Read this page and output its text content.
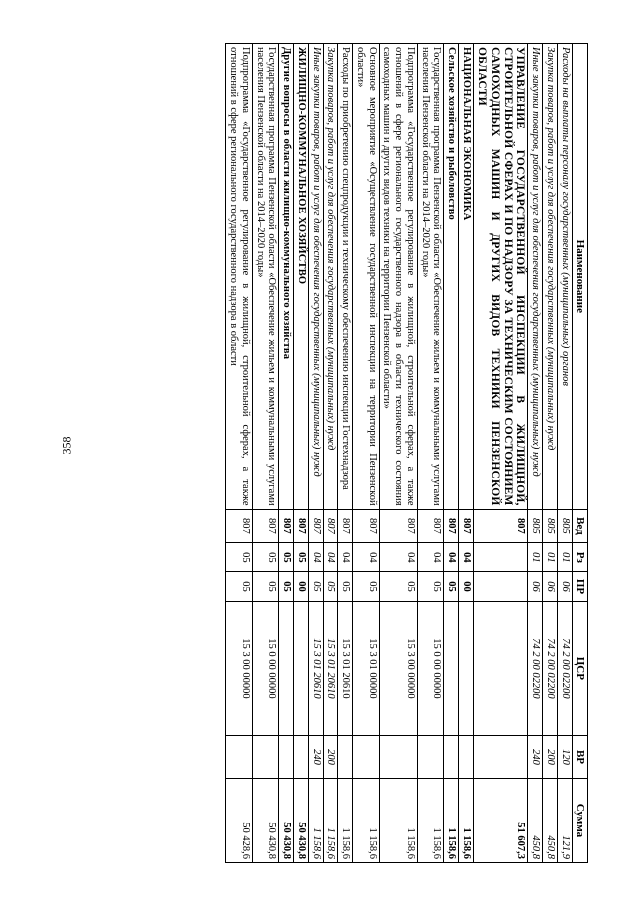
358
Наименование	Вед	Рз	ПР	ЦСР	ВР	Сумма
Расходы на выплаты персоналу государственных (муниципальных) органов	805	01	06	74 2 00 02200	120	121,9
Закупка товаров, работ и услуг для обеспечения государственных (муниципальных) нужд	805	01	06	74 2 00 02200	200	450,8
Иные закупки товаров, работ и услуг для обеспечения государственных (муниципальных) нужд	805	01	06	74 2 00 02200	240	450,8
УПРАВЛЕНИЕ ГОСУДАРСТВЕННОЙ ИНСПЕКЦИИ В ЖИЛИЩНОЙ, СТРОИТЕЛЬНОЙ СФЕРАХ И ПО НАДЗОРУ ЗА ТЕХНИЧЕСКИМ СОСТОЯНИЕМ САМОХОДНЫХ МАШИН И ДРУГИХ ВИДОВ ТЕХНИКИ ПЕНЗЕНСКОЙ ОБЛАСТИ	807					51 607,3
НАЦИОНАЛЬНАЯ ЭКОНОМИКА	807	04	00			1 158,6
Сельское хозяйство и рыболовство	807	04	05			1 158,6
Государственная программа Пензенской области «Обеспечение жильем и коммунальными услугами населения Пензенской области на 2014–2020 годы»	807	04	05	15 0 00 00000		1 158,6
Подпрограмма «Государственное регулирование в жилищной, строительной сферах, а также отношений в сфере регионального государственного надзора в области технического состояния самоходных машин и других видов техники на территории Пензенской области»	807	04	05	15 3 00 00000		1 158,6
Основное мероприятие «Осуществление государственной инспекции на территории Пензенской области»	807	04	05	15 3 01 00000		1 158,6
Расходы по приобретению спецпродукции и техническому обеспечению инспекции Гостехнадзора	807	04	05	15 3 01 20610		1 158,6
Закупка товаров, работ и услуг для обеспечения государственных (муниципальных) нужд	807	04	05	15 3 01 20610	200	1 158,6
Иные закупки товаров, работ и услуг для обеспечения государственных (муниципальных) нужд	807	04	05	15 3 01 20610	240	1 158,6
ЖИЛИЩНО-КОММУНАЛЬНОЕ ХОЗЯЙСТВО	807	05	00			50 430,8
Другие вопросы в области жилищно-коммунального хозяйства	807	05	05			50 430,8
Государственная программа Пензенской области «Обеспечение жильем и коммунальными услугами населения Пензенской области на 2014–2020 годы»	807	05	05	15 0 00 00000		50 430,8
Подпрограмма «Государственное регулирование в жилищной, строительной сферах, а также отношений в сфере регионального государственного надзора в области	807	05	05	15 3 00 00000		50 428,6
